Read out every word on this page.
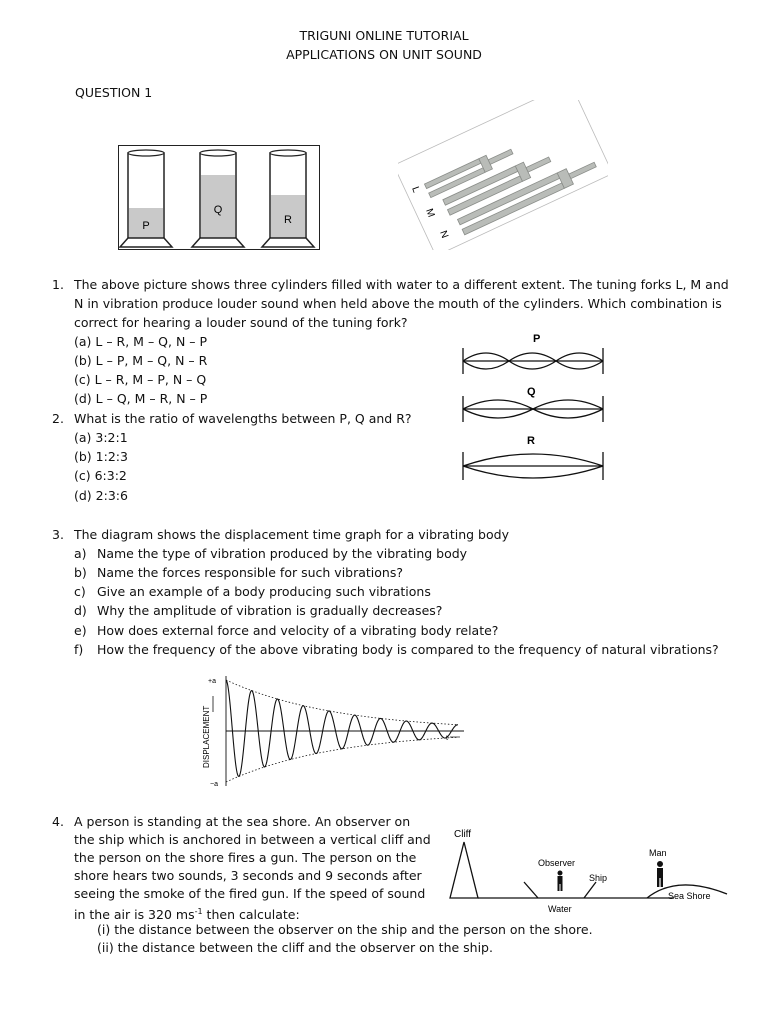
TRIGUNI ONLINE TUTORIAL
APPLICATIONS ON UNIT SOUND
QUESTION 1
P
Q
R
L
M
N
1. The above picture shows three cylinders filled with water to a different extent. The tuning forks L, M and
N in vibration produce louder sound when held above the mouth of the cylinders. Which combination is
correct for hearing a louder sound of the tuning fork?
(a) L – R, M – Q, N – P
(b) L – P, M – Q, N – R
(c) L – R, M – P, N – Q
(d) L – Q, M – R, N – P
2. What is the ratio of wavelengths between P, Q and R?
(a) 3:2:1
(b) 1:2:3
(c) 6:3:2
(d) 2:3:6
P
Q
R
3. The diagram shows the displacement time graph for a vibrating body
a) Name the type of vibration produced by the vibrating body
b) Name the forces responsible for such vibrations?
c) Give an example of a body producing such vibrations
d) Why the amplitude of vibration is gradually decreases?
e) How does external force and velocity of a vibrating body relate?
f) How the frequency of the above vibrating body is compared to the frequency of natural vibrations?
+a
−a
DISPLACEMENT	t
4. A person is standing at the sea shore. An observer on
the ship which is anchored in between a vertical cliff and
the person on the shore fires a gun. The person on the
shore hears two sounds, 3 seconds and 9 seconds after
seeing the smoke of the fired gun. If the speed of sound
in the air is 320 $ms^{-1}$ then calculate:
(i) the distance between the observer on the ship and the person on the shore.
(ii) the distance between the cliff and the observer on the ship.
Cliff
Observer
Ship
Water
Man
Sea Shore
